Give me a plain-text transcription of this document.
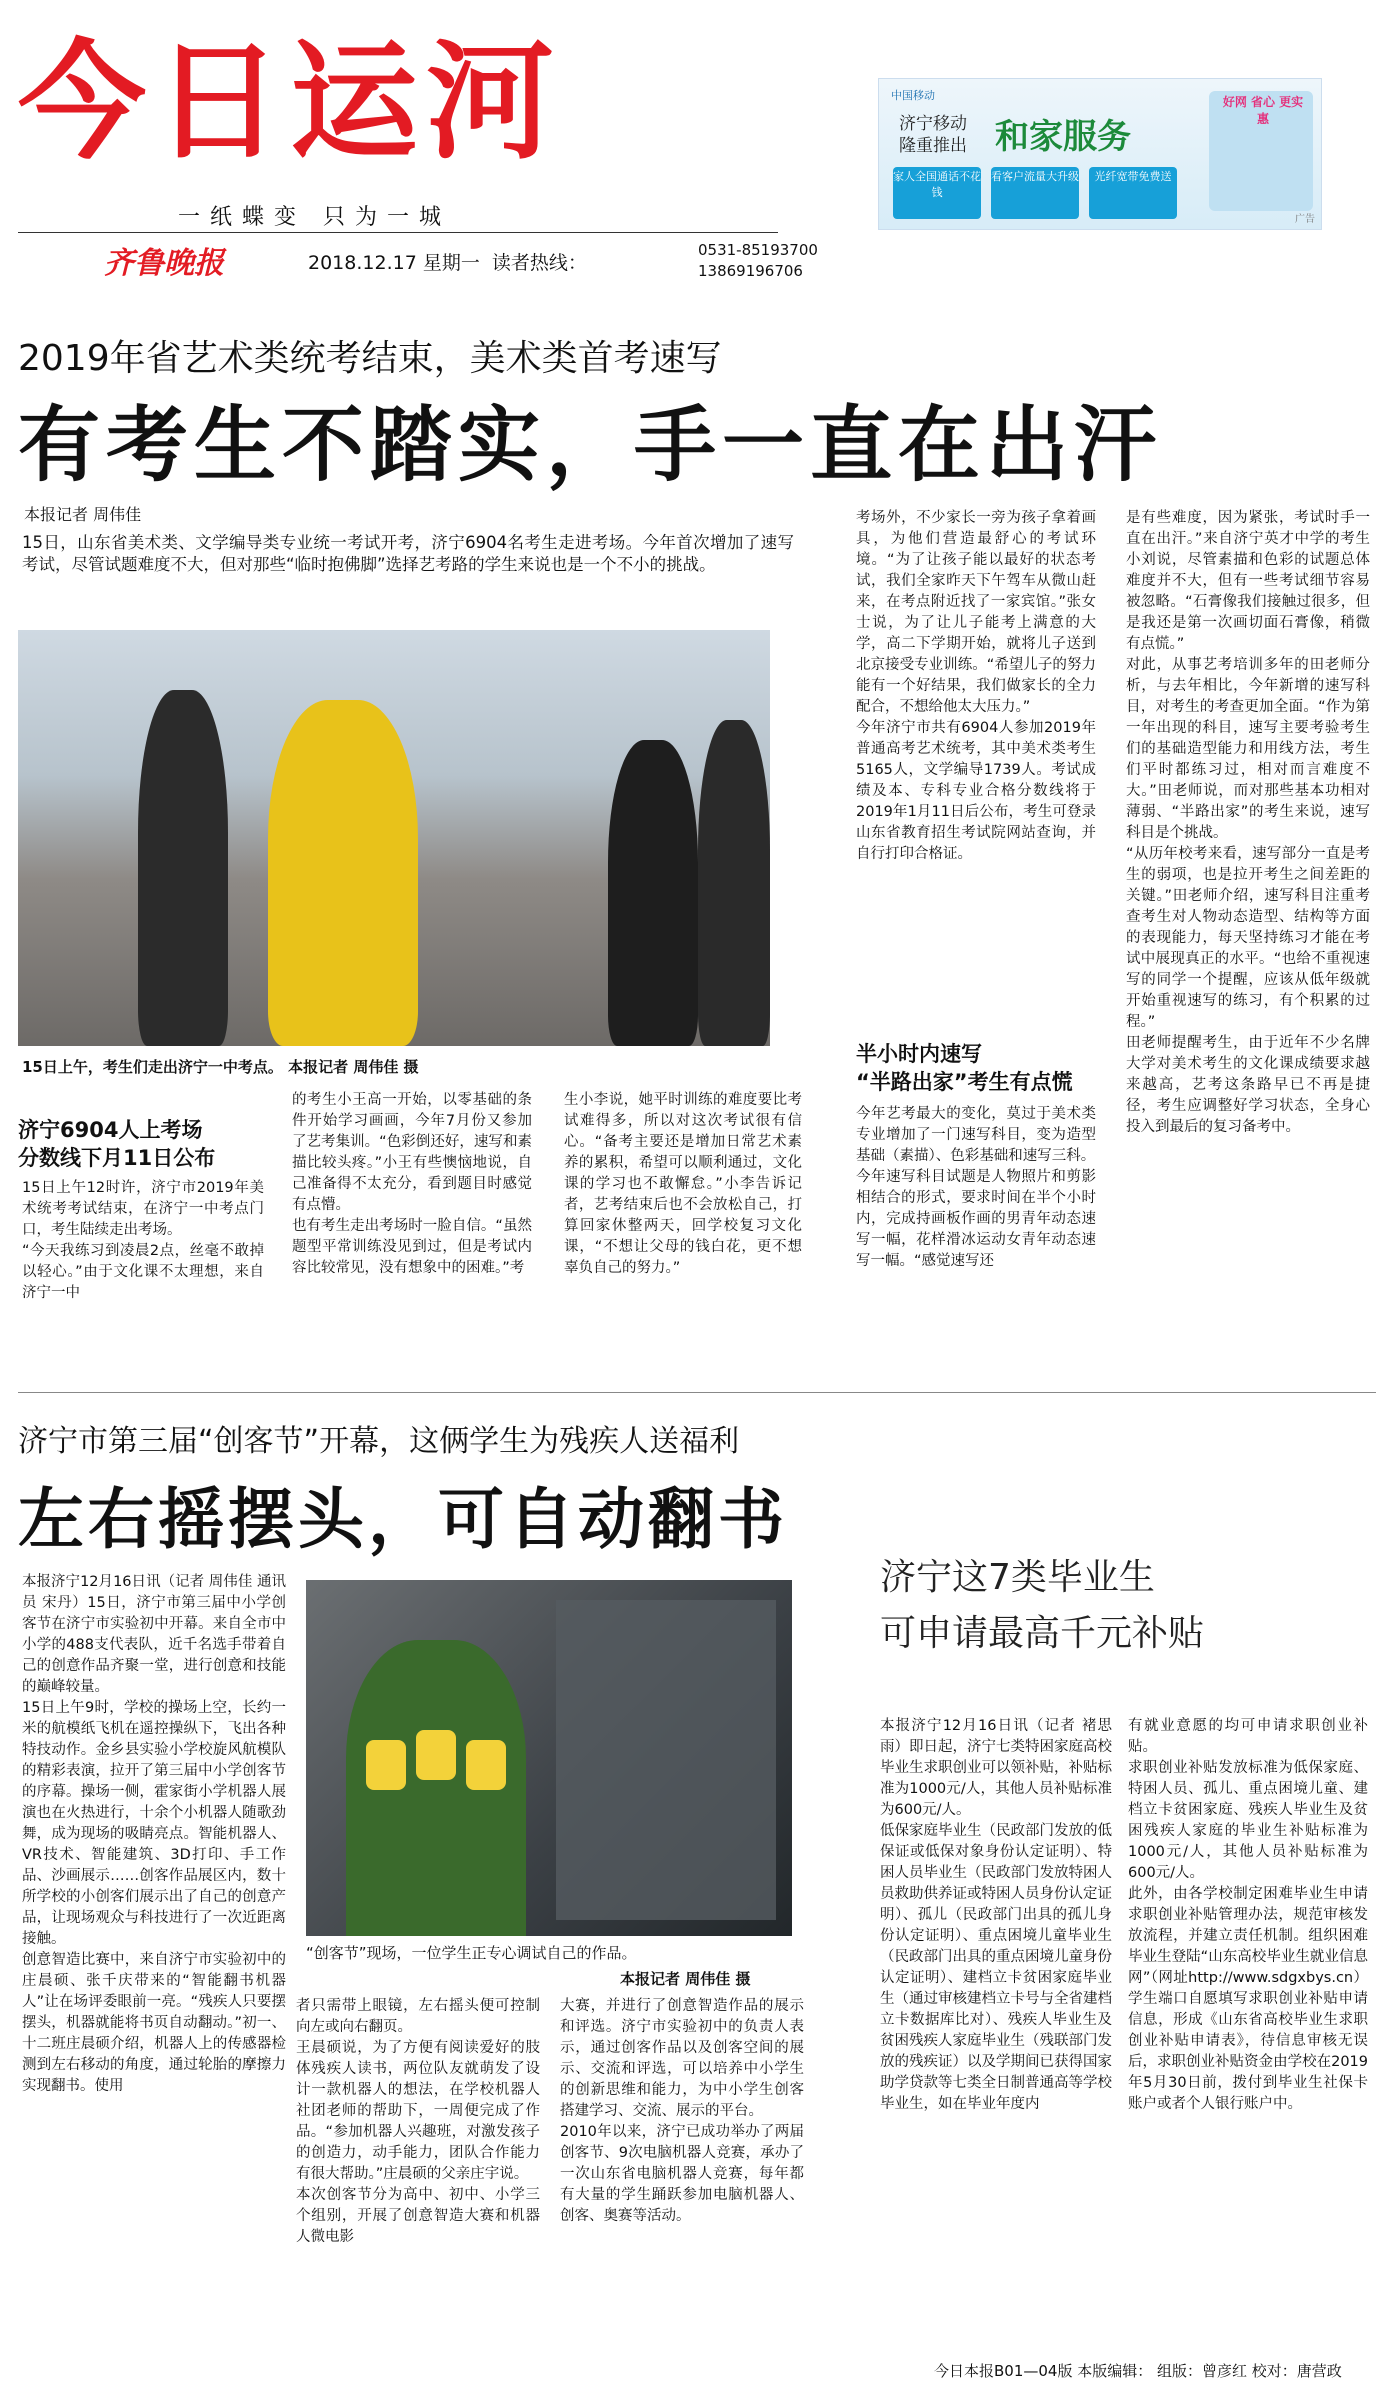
今日运河
一纸蝶变 只为一城
齐鲁晚报	2018.12.17 星期一 读者热线：
0531-85193700
13869196706
中国移动
济宁移动
隆重推出 和家服务
家人全国通话不花钱
看客户流量大升级	光纤宽带免费送
好网 省心 更实惠
广告
2019年省艺术类统考结束，美术类首考速写
有考生不踏实，手一直在出汗
本报记者 周伟佳
15日，山东省美术类、文学编导类专业统一考试开考，济宁6904名考生走进考场。今年首次增加了速写考试，尽管试题难度不大，但对那些“临时抱佛脚”选择艺考路的学生来说也是一个不小的挑战。
15日上午，考生们走出济宁一中考点。 本报记者 周伟佳 摄
济宁6904人上考场
分数线下月11日公布
15日上午12时许，济宁市2019年美术统考考试结束，在济宁一中考点门口，考生陆续走出考场。
“今天我练习到凌晨2点，丝毫不敢掉以轻心。”由于文化课不太理想，来自济宁一中
的考生小王高一开始，以零基础的条件开始学习画画，今年7月份又参加了艺考集训。“色彩倒还好，速写和素描比较头疼。”小王有些懊恼地说，自己准备得不太充分，看到题目时感觉有点懵。
也有考生走出考场时一脸自信。“虽然题型平常训练没见到过，但是考试内容比较常见，没有想象中的困难。”考
生小李说，她平时训练的难度要比考试难得多，所以对这次考试很有信心。“备考主要还是增加日常艺术素养的累积，希望可以顺利通过，文化课的学习也不敢懈怠。”小李告诉记者，艺考结束后也不会放松自己，打算回家休整两天，回学校复习文化课，“不想让父母的钱白花，更不想辜负自己的努力。”
考场外，不少家长一旁为孩子拿着画具，为他们营造最舒心的考试环境。“为了让孩子能以最好的状态考试，我们全家昨天下午驾车从微山赶来，在考点附近找了一家宾馆。”张女士说，为了让儿子能考上满意的大学，高二下学期开始，就将儿子送到北京接受专业训练。“希望儿子的努力能有一个好结果，我们做家长的全力配合，不想给他太大压力。”
今年济宁市共有6904人参加2019年普通高考艺术统考，其中美术类考生5165人，文学编导1739人。考试成绩及本、专科专业合格分数线将于2019年1月11日后公布，考生可登录山东省教育招生考试院网站查询，并自行打印合格证。
半小时内速写
“半路出家”考生有点慌
今年艺考最大的变化，莫过于美术类专业增加了一门速写科目，变为造型基础（素描）、色彩基础和速写三科。
今年速写科目试题是人物照片和剪影相结合的形式，要求时间在半个小时内，完成持画板作画的男青年动态速写一幅，花样滑冰运动女青年动态速写一幅。“感觉速写还
是有些难度，因为紧张，考试时手一直在出汗。”来自济宁英才中学的考生小刘说，尽管素描和色彩的试题总体难度并不大，但有一些考试细节容易被忽略。“石膏像我们接触过很多，但是我还是第一次画切面石膏像，稍微有点慌。”
对此，从事艺考培训多年的田老师分析，与去年相比，今年新增的速写科目，对考生的考查更加全面。“作为第一年出现的科目，速写主要考验考生们的基础造型能力和用线方法，考生们平时都练习过，相对而言难度不大。”田老师说，而对那些基本功相对薄弱、“半路出家”的考生来说，速写科目是个挑战。
“从历年校考来看，速写部分一直是考生的弱项，也是拉开考生之间差距的关键。”田老师介绍，速写科目注重考查考生对人物动态造型、结构等方面的表现能力，每天坚持练习才能在考试中展现真正的水平。“也给不重视速写的同学一个提醒，应该从低年级就开始重视速写的练习，有个积累的过程。”
田老师提醒考生，由于近年不少名牌大学对美术考生的文化课成绩要求越来越高，艺考这条路早已不再是捷径，考生应调整好学习状态，全身心投入到最后的复习备考中。
济宁市第三届“创客节”开幕，这俩学生为残疾人送福利
左右摇摆头，可自动翻书
本报济宁12月16日讯（记者 周伟佳 通讯员 宋丹）15日，济宁市第三届中小学创客节在济宁市实验初中开幕。来自全市中小学的488支代表队，近千名选手带着自己的创意作品齐聚一堂，进行创意和技能的巅峰较量。
15日上午9时，学校的操场上空，长约一米的航模纸飞机在遥控操纵下，飞出各种特技动作。金乡县实验小学校旋风航模队的精彩表演，拉开了第三届中小学创客节的序幕。操场一侧，霍家街小学机器人展演也在火热进行，十余个小机器人随歌劲舞，成为现场的吸睛亮点。智能机器人、VR技术、智能建筑、3D打印、手工作品、沙画展示……创客作品展区内，数十所学校的小创客们展示出了自己的创意产品，让现场观众与科技进行了一次近距离接触。
创意智造比赛中，来自济宁市实验初中的庄晨硕、张千庆带来的“智能翻书机器人”让在场评委眼前一亮。“残疾人只要摆摆头，机器就能将书页自动翻动。”初一、十二班庄晨硕介绍，机器人上的传感器检测到左右移动的角度，通过轮胎的摩擦力实现翻书。使用
“创客节”现场，一位学生正专心调试自己的作品。
本报记者 周伟佳 摄
者只需带上眼镜，左右摇头便可控制向左或向右翻页。
王晨硕说，为了方便有阅读爱好的肢体残疾人读书，两位队友就萌发了设计一款机器人的想法，在学校机器人社团老师的帮助下，一周便完成了作品。“参加机器人兴趣班，对激发孩子的创造力，动手能力，团队合作能力有很大帮助。”庄晨硕的父亲庄宇说。
本次创客节分为高中、初中、小学三个组别，开展了创意智造大赛和机器人微电影
大赛，并进行了创意智造作品的展示和评选。济宁市实验初中的负责人表示，通过创客作品以及创客空间的展示、交流和评选，可以培养中小学生的创新思维和能力，为中小学生创客搭建学习、交流、展示的平台。
2010年以来，济宁已成功举办了两届创客节、9次电脑机器人竞赛，承办了一次山东省电脑机器人竞赛，每年都有大量的学生踊跃参加电脑机器人、创客、奥赛等活动。
济宁这7类毕业生
可申请最高千元补贴
本报济宁12月16日讯（记者 褚思雨）即日起，济宁七类特困家庭高校毕业生求职创业可以领补贴，补贴标准为1000元/人，其他人员补贴标准为600元/人。
低保家庭毕业生（民政部门发放的低保证或低保对象身份认定证明）、特困人员毕业生（民政部门发放特困人员救助供养证或特困人员身份认定证明）、孤儿（民政部门出具的孤儿身份认定证明）、重点困境儿童毕业生（民政部门出具的重点困境儿童身份认定证明）、建档立卡贫困家庭毕业生（通过审核建档立卡号与全省建档立卡数据库比对）、残疾人毕业生及贫困残疾人家庭毕业生（残联部门发放的残疾证）以及学期间已获得国家助学贷款等七类全日制普通高等学校毕业生，如在毕业年度内
有就业意愿的均可申请求职创业补贴。
求职创业补贴发放标准为低保家庭、特困人员、孤儿、重点困境儿童、建档立卡贫困家庭、残疾人毕业生及贫困残疾人家庭的毕业生补贴标准为1000元/人，其他人员补贴标准为600元/人。
此外，由各学校制定困难毕业生申请求职创业补贴管理办法，规范审核发放流程，并建立责任机制。组织困难毕业生登陆“山东高校毕业生就业信息网”（网址http://www.sdgxbys.cn）学生端口自愿填写求职创业补贴申请信息，形成《山东省高校毕业生求职创业补贴申请表》，待信息审核无误后，求职创业补贴资金由学校在2019年5月30日前，拨付到毕业生社保卡账户或者个人银行账户中。
今日本报B01—04版 本版编辑： 组版：曾彦红 校对：唐营政
